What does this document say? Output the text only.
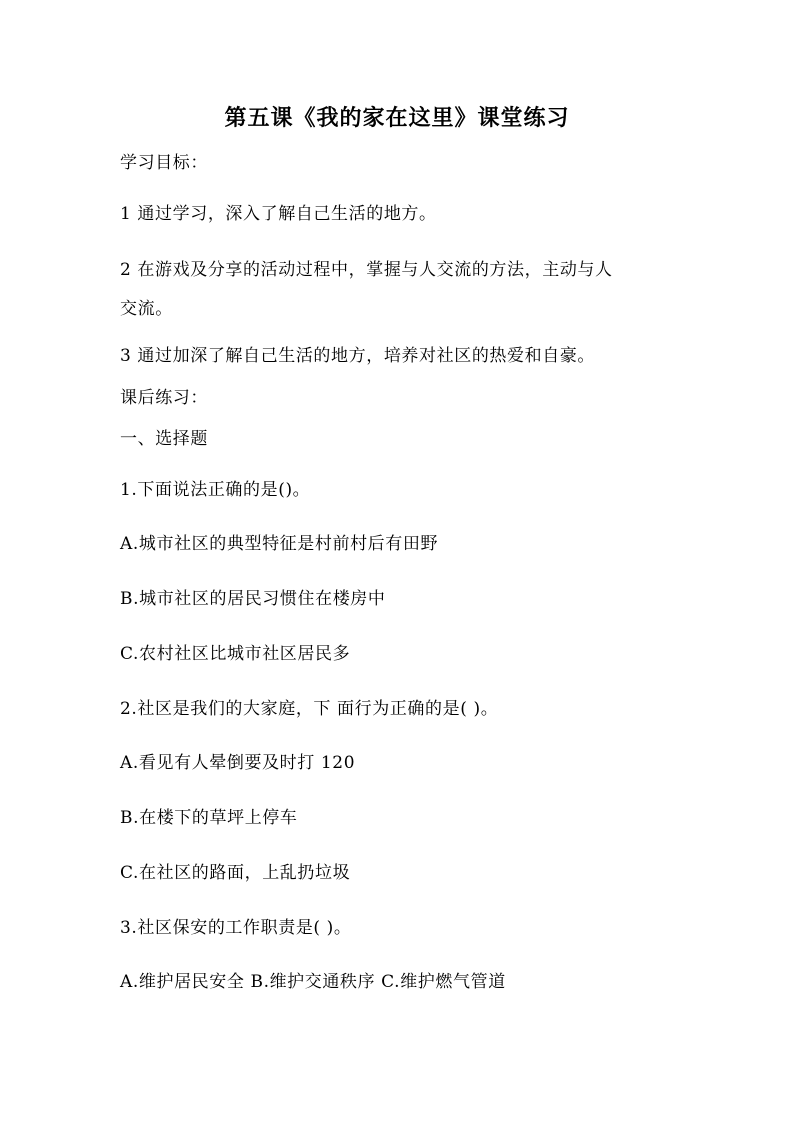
第五课《我的家在这里》课堂练习
学习目标：
1 通过学习，深入了解自己生活的地方。
2 在游戏及分享的活动过程中，掌握与人交流的方法，主动与人
交流。
3 通过加深了解自己生活的地方，培养对社区的热爱和自豪。
课后练习：
一、选择题
1.下面说法正确的是()。
A.城市社区的典型特征是村前村后有田野
B.城市社区的居民习惯住在楼房中
C.农村社区比城市社区居民多
2.社区是我们的大家庭，下 面行为正确的是( )。
A.看见有人晕倒要及时打 120
B.在楼下的草坪上停车
C.在社区的路面，上乱扔垃圾
3.社区保安的工作职责是( )。
A.维护居民安全 B.维护交通秩序 C.维护燃气管道
